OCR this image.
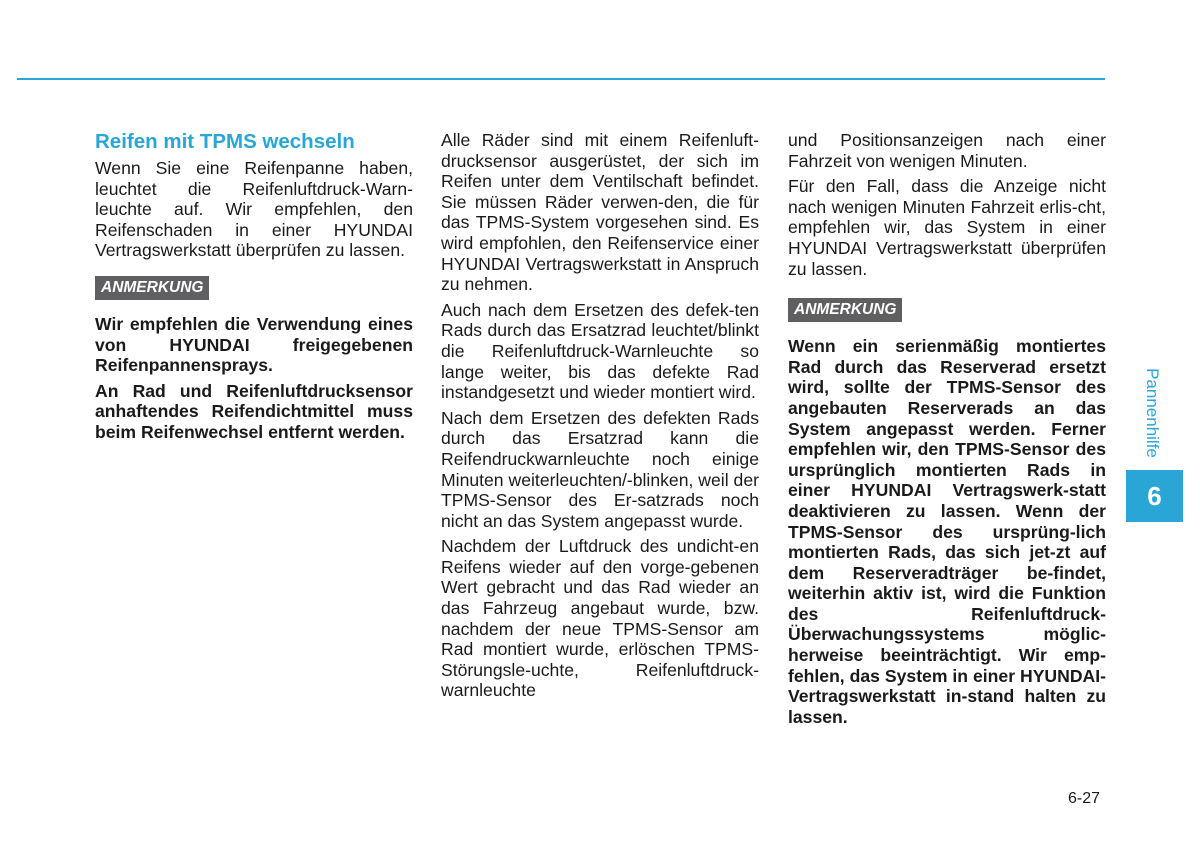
Reifen mit TPMS wechseln

Wenn Sie eine Reifenpanne haben, leuchtet die Reifenluftdruck-Warn-leuchte auf. Wir empfehlen, den Reifenschaden in einer HYUNDAI Vertragswerkstatt überprüfen zu lassen.

ANMERKUNG

Wir empfehlen die Verwendung eines von HYUNDAI freigegebenen Reifenpannensprays.

An Rad und Reifenluftdrucksensor anhaftendes Reifendichtmittel muss beim Reifenwechsel entfernt werden.

Alle Räder sind mit einem Reifenluft-drucksensor ausgerüstet, der sich im Reifen unter dem Ventilschaft befindet. Sie müssen Räder verwen-den, die für das TPMS-System vorgesehen sind. Es wird empfohlen, den Reifenservice einer HYUNDAI Vertragswerkstatt in Anspruch zu nehmen.

Auch nach dem Ersetzen des defek-ten Rads durch das Ersatzrad leuchtet/blinkt die Reifenluftdruck-Warnleuchte so lange weiter, bis das defekte Rad instandgesetzt und wieder montiert wird.

Nach dem Ersetzen des defekten Rads durch das Ersatzrad kann die Reifendruckwarnleuchte noch einige Minuten weiterleuchten/-blinken, weil der TPMS-Sensor des Er-satzrads noch nicht an das System angepasst wurde.

Nachdem der Luftdruck des undicht-en Reifens wieder auf den vorge-gebenen Wert gebracht und das Rad wieder an das Fahrzeug angebaut wurde, bzw. nachdem der neue TPMS-Sensor am Rad montiert wurde, erlöschen TPMS-Störungsle-uchte, Reifenluftdruck-warnleuchte

und Positionsanzeigen nach einer Fahrzeit von wenigen Minuten.

Für den Fall, dass die Anzeige nicht nach wenigen Minuten Fahrzeit erlis-cht, empfehlen wir, das System in einer HYUNDAI Vertragswerkstatt überprüfen zu lassen.

ANMERKUNG

Wenn ein serienmäßig montiertes Rad durch das Reserverad ersetzt wird, sollte der TPMS-Sensor des angebauten Reserverads an das System angepasst werden. Ferner empfehlen wir, den TPMS-Sensor des ursprünglich montierten Rads in einer HYUNDAI Vertragswerk-statt deaktivieren zu lassen. Wenn der TPMS-Sensor des ursprüng-lich montierten Rads, das sich jet-zt auf dem Reserveradträger be-findet, weiterhin aktiv ist, wird die Funktion des Reifenluftdruck-Überwachungssystems möglic-herweise beeinträchtigt. Wir emp-fehlen, das System in einer HYUNDAI-Vertragswerkstatt in-stand halten zu lassen.

Pannenhilfe
6
6-27
